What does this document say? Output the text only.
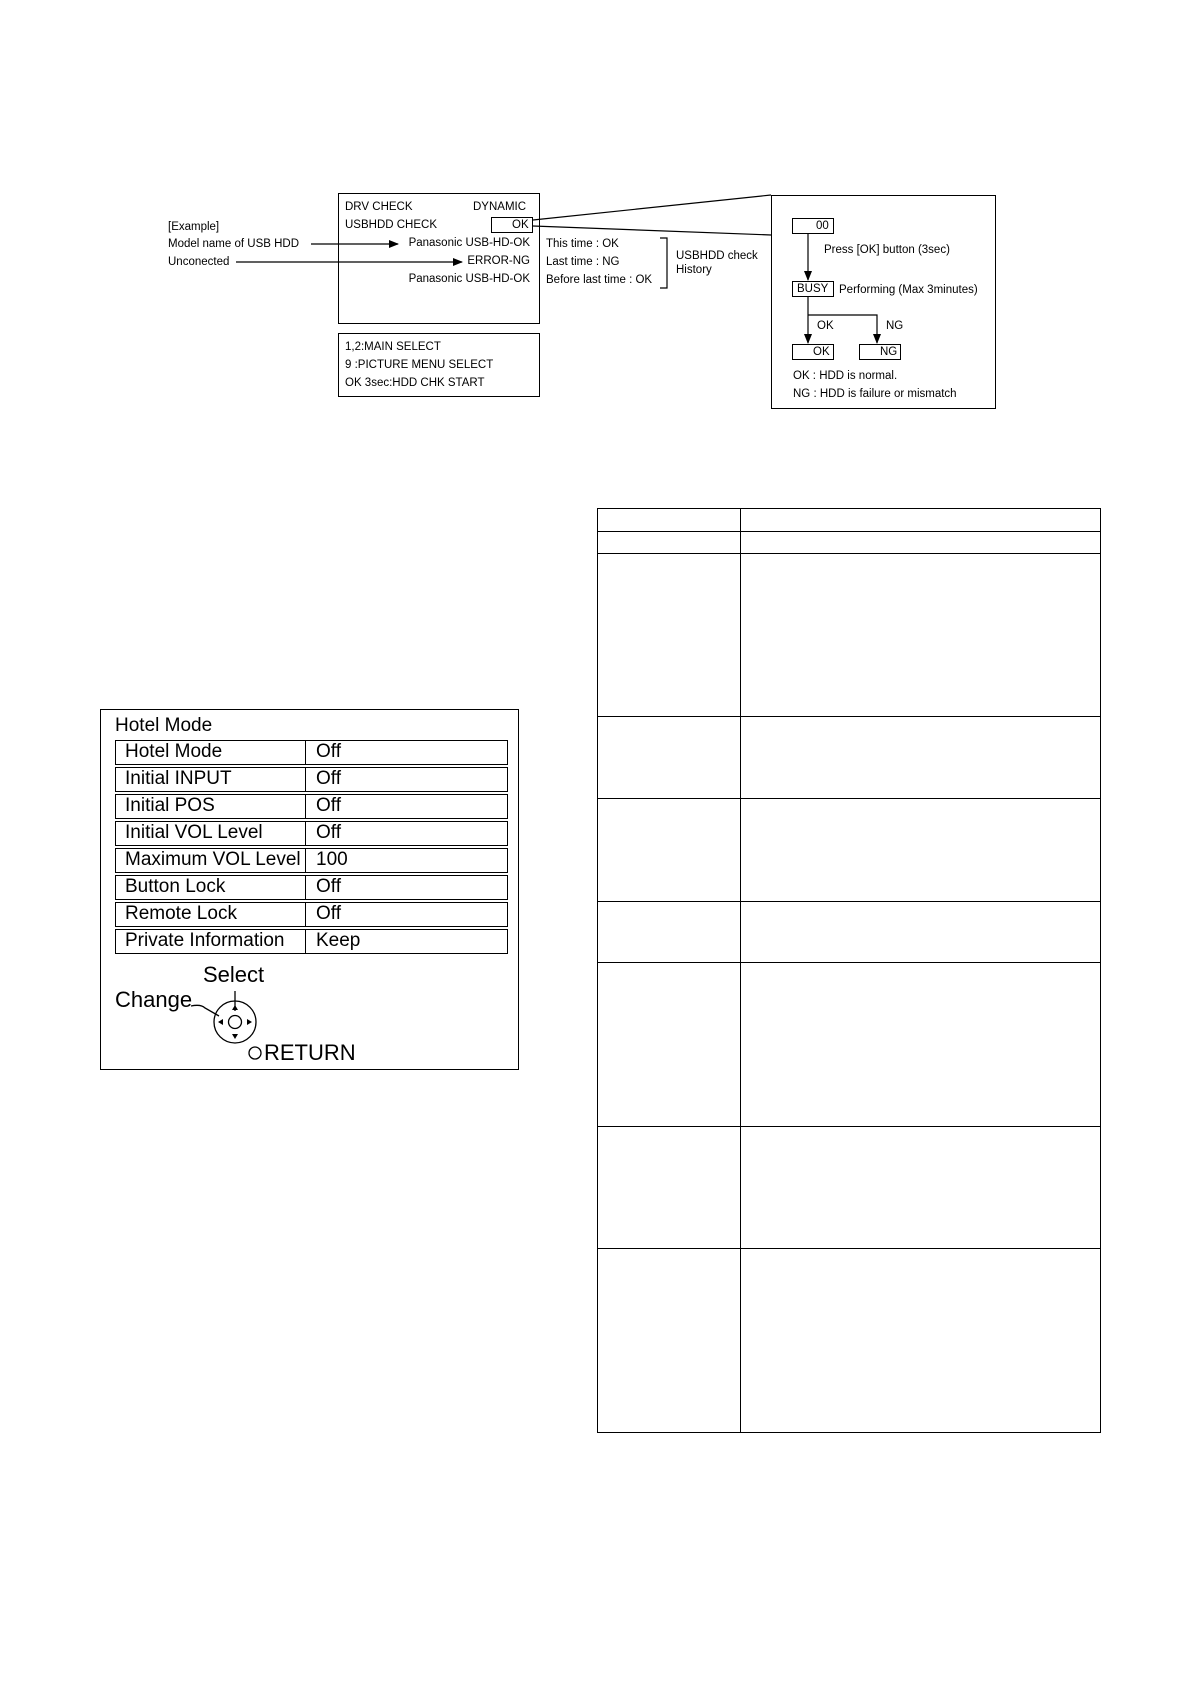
DRV CHECK	DYNAMIC
USBHDD CHECK	OK
Panasonic USB-HD-OK
ERROR-NG
Panasonic USB-HD-OK
[Example]
Model name of USB HDD
Unconected
This time : OK
Last time : NG
Before last time : OK
USBHDD check
History
1,2:MAIN SELECT
9 :PICTURE MENU SELECT
OK 3sec:HDD CHK START
00
Press [OK] button (3sec)
BUSY Performing (Max 3minutes)
OK	NG
OK	NG
OK : HDD is normal.
NG : HDD is failure or mismatch
Hotel Mode
Hotel Mode	Off
Initial INPUT	Off
Initial POS	Off
Initial VOL Level	Off
Maximum VOL Level 100
Button Lock	Off
Remote Lock	Off
Private Information	Keep
Select
Change
RETURN
